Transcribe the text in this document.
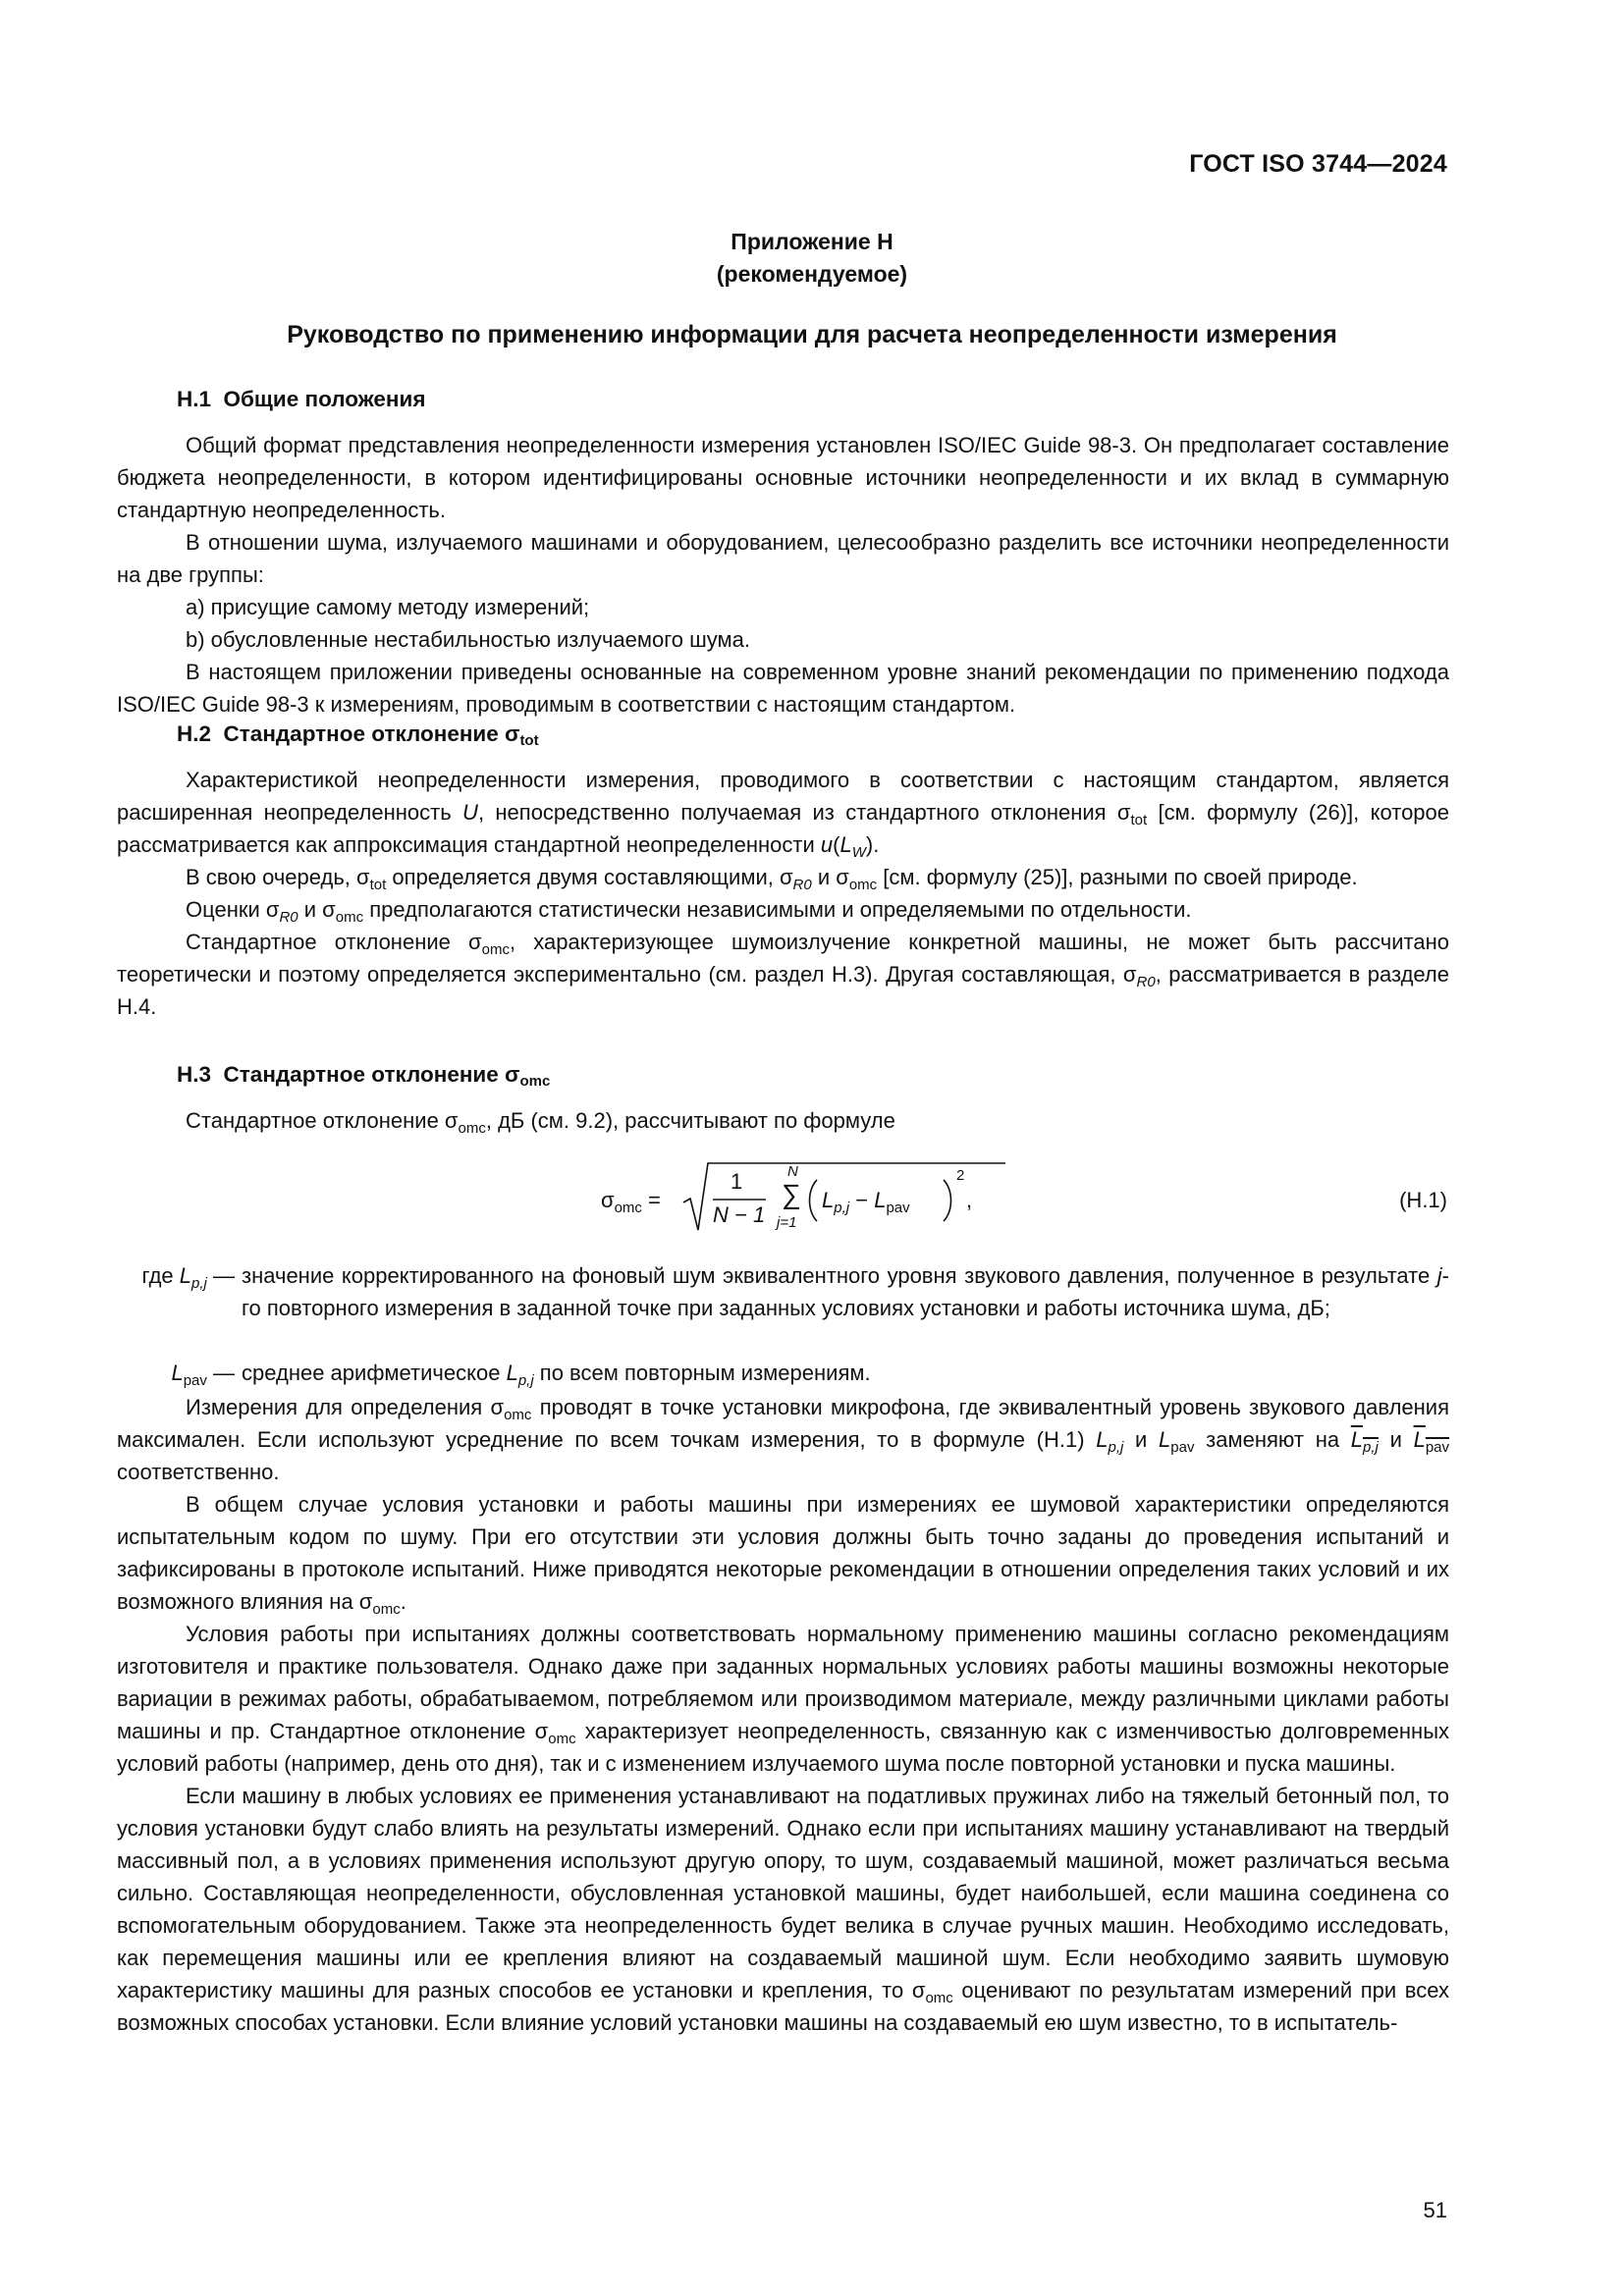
ГОСТ ISO 3744—2024
Приложение H
(рекомендуемое)
Руководство по применению информации для расчета неопределенности измерения
H.1 Общие положения

Общий формат представления неопределенности измерения установлен ISO/IEC Guide 98-3. Он предполагает составление бюджета неопределенности, в котором идентифицированы основные источники неопределенности и их вклад в суммарную стандартную неопределенность.

В отношении шума, излучаемого машинами и оборудованием, целесообразно разделить все источники неопределенности на две группы:

a) присущие самому методу измерений;

b) обусловленные нестабильностью излучаемого шума.

В настоящем приложении приведены основанные на современном уровне знаний рекомендации по применению подхода ISO/IEC Guide 98-3 к измерениям, проводимым в соответствии с настоящим стандартом.

H.2 Стандартное отклонение $\sigma_{tot}$

Характеристикой неопределенности измерения, проводимого в соответствии с настоящим стандартом, является расширенная неопределенность U, непосредственно получаемая из стандартного отклонения $\sigma_{tot}$ [см. формулу (26)], которое рассматривается как аппроксимация стандартной неопределенности $u(L_W)$.

В свою очередь, $\sigma_{tot}$ определяется двумя составляющими, $\sigma_{R0}$ и $\sigma_{omc}$ [см. формулу (25)], разными по своей природе.

Оценки $\sigma_{R0}$ и $\sigma_{omc}$ предполагаются статистически независимыми и определяемыми по отдельности.

Стандартное отклонение $\sigma_{omc}$, характеризующее шумоизлучение конкретной машины, не может быть рассчитано теоретически и поэтому определяется экспериментально (см. раздел H.3). Другая составляющая, $\sigma_{R0}$, рассматривается в разделе H.4.

H.3 Стандартное отклонение $\sigma_{omc}$

Стандартное отклонение $\sigma_{omc}$, дБ (см. 9.2), рассчитывают по формуле

$\sigma_{omc}$ =
1
N − 1
N
∑
j=1
$L_{p,j} - L_{pav}$
2
,	(H.1)
где $L_{p,j}$ — значение корректированного на фоновый шум эквивалентного уровня звукового давления, полученное в результате j-го повторного измерения в заданной точке при заданных условиях установки и работы источника шума, дБ;
$L_{pav}$ — среднее арифметическое $L_{p,j}$ по всем повторным измерениям.

Измерения для определения $\sigma_{omc}$ проводят в точке установки микрофона, где эквивалентный уровень звукового давления максимален. Если используют усреднение по всем точкам измерения, то в формуле (H.1) $L_{p,j}$ и $L_{pav}$ заменяют на $L_{p,j}$ и $L_{pav}$ соответственно.

В общем случае условия установки и работы машины при измерениях ее шумовой характеристики определяются испытательным кодом по шуму. При его отсутствии эти условия должны быть точно заданы до проведения испытаний и зафиксированы в протоколе испытаний. Ниже приводятся некоторые рекомендации в отношении определения таких условий и их возможного влияния на $\sigma_{omc}$.

Условия работы при испытаниях должны соответствовать нормальному применению машины согласно рекомендациям изготовителя и практике пользователя. Однако даже при заданных нормальных условиях работы машины возможны некоторые вариации в режимах работы, обрабатываемом, потребляемом или производимом материале, между различными циклами работы машины и пр. Стандартное отклонение $\sigma_{omc}$ характеризует неопределенность, связанную как с изменчивостью долговременных условий работы (например, день ото дня), так и с изменением излучаемого шума после повторной установки и пуска машины.

Если машину в любых условиях ее применения устанавливают на податливых пружинах либо на тяжелый бетонный пол, то условия установки будут слабо влиять на результаты измерений. Однако если при испытаниях машину устанавливают на твердый массивный пол, а в условиях применения используют другую опору, то шум, создаваемый машиной, может различаться весьма сильно. Составляющая неопределенности, обусловленная установкой машины, будет наибольшей, если машина соединена со вспомогательным оборудованием. Также эта неопределенность будет велика в случае ручных машин. Необходимо исследовать, как перемещения машины или ее крепления влияют на создаваемый машиной шум. Если необходимо заявить шумовую характеристику машины для разных способов ее установки и крепления, то $\sigma_{omc}$ оценивают по результатам измерений при всех возможных способах установки. Если влияние условий установки машины на создаваемый ею шум известно, то в испытатель-

51
